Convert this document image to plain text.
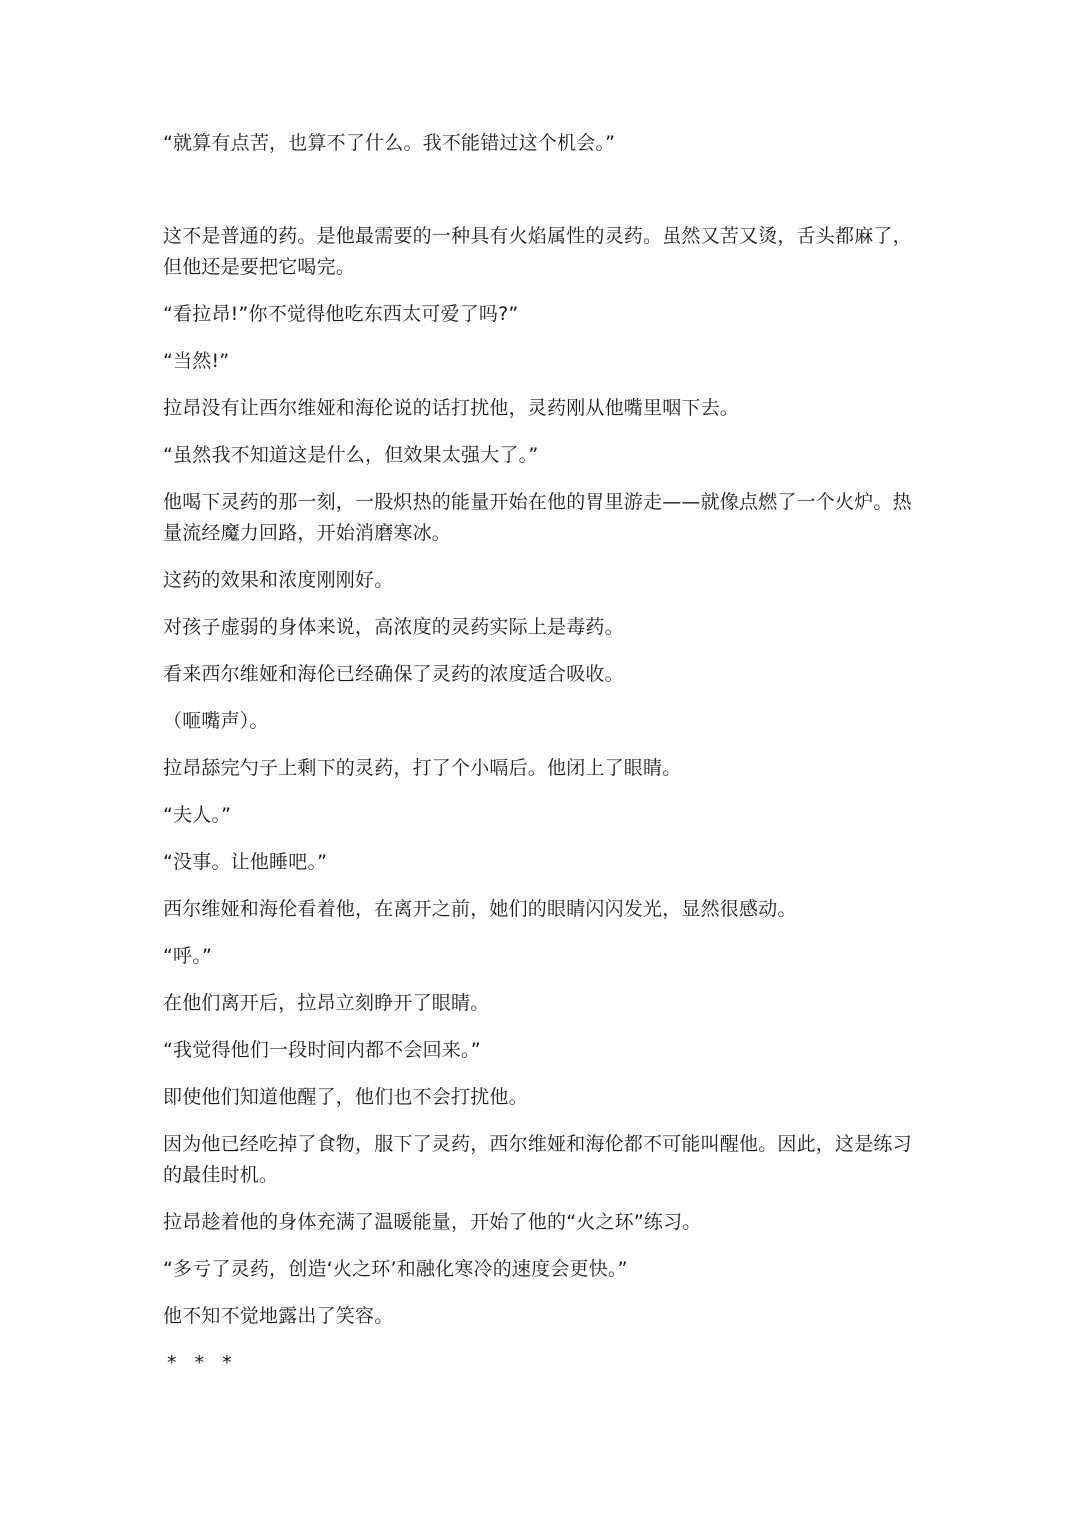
“就算有点苦，也算不了什么。我不能错过这个机会。”

这不是普通的药。是他最需要的一种具有火焰属性的灵药。虽然又苦又烫，舌头都麻了，但他还是要把它喝完。

“看拉昂!”你不觉得他吃东西太可爱了吗?”

“当然!”

拉昂没有让西尔维娅和海伦说的话打扰他，灵药刚从他嘴里咽下去。

“虽然我不知道这是什么，但效果太强大了。”

他喝下灵药的那一刻，一股炽热的能量开始在他的胃里游走——就像点燃了一个火炉。热量流经魔力回路，开始消磨寒冰。

这药的效果和浓度刚刚好。

对孩子虚弱的身体来说，高浓度的灵药实际上是毒药。

看来西尔维娅和海伦已经确保了灵药的浓度适合吸收。

（咂嘴声）。

拉昂舔完勺子上剩下的灵药，打了个小嗝后。他闭上了眼睛。

“夫人。”

“没事。让他睡吧。”

西尔维娅和海伦看着他，在离开之前，她们的眼睛闪闪发光，显然很感动。

“呼。”

在他们离开后，拉昂立刻睁开了眼睛。

“我觉得他们一段时间内都不会回来。”

即使他们知道他醒了，他们也不会打扰他。

因为他已经吃掉了食物，服下了灵药，西尔维娅和海伦都不可能叫醒他。因此，这是练习的最佳时机。

拉昂趁着他的身体充满了温暖能量，开始了他的“火之环”练习。

“多亏了灵药，创造‘火之环’和融化寒冷的速度会更快。”

他不知不觉地露出了笑容。

* * *
